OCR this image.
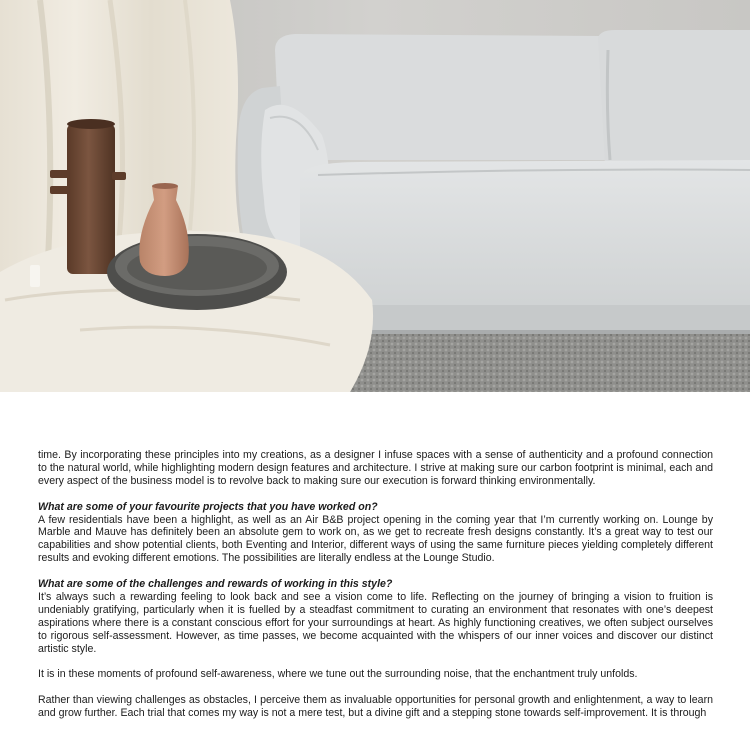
time. By incorporating these principles into my creations, as a designer I infuse spaces with a sense of authenticity and a profound connection to the natural world, while highlighting modern design features and architecture. I strive at making sure our carbon footprint is minimal, each and every aspect of the business model is to revolve back to making sure our execution is forward thinking environmentally.

What are some of your favourite projects that you have worked on?

A few residentials have been a highlight, as well as an Air B&B project opening in the coming year that I’m currently working on. Lounge by Marble and Mauve has definitely been an absolute gem to work on, as we get to recreate fresh designs constantly. It’s a great way to test our capabilities and show potential clients, both Eventing and Interior, different ways of using the same furniture pieces yielding completely different results and evoking different emotions. The possibilities are literally endless at the Lounge Studio.

What are some of the challenges and rewards of working in this style?

It’s always such a rewarding feeling to look back and see a vision come to life. Reflecting on the journey of bringing a vision to fruition is undeniably gratifying, particularly when it is fuelled by a steadfast commitment to curating an environment that resonates with one’s deepest aspirations where there is a constant conscious effort for your surroundings at heart. As highly functioning creatives, we often subject ourselves to rigorous self-assessment. However, as time passes, we become acquainted with the whispers of our inner voices and discover our distinct artistic style.

It is in these moments of profound self-awareness, where we tune out the surrounding noise, that the enchantment truly unfolds.

Rather than viewing challenges as obstacles, I perceive them as invaluable opportunities for personal growth and enlightenment, a way to learn and grow further. Each trial that comes my way is not a mere test, but a divine gift and a stepping stone towards self-improvement. It is through
